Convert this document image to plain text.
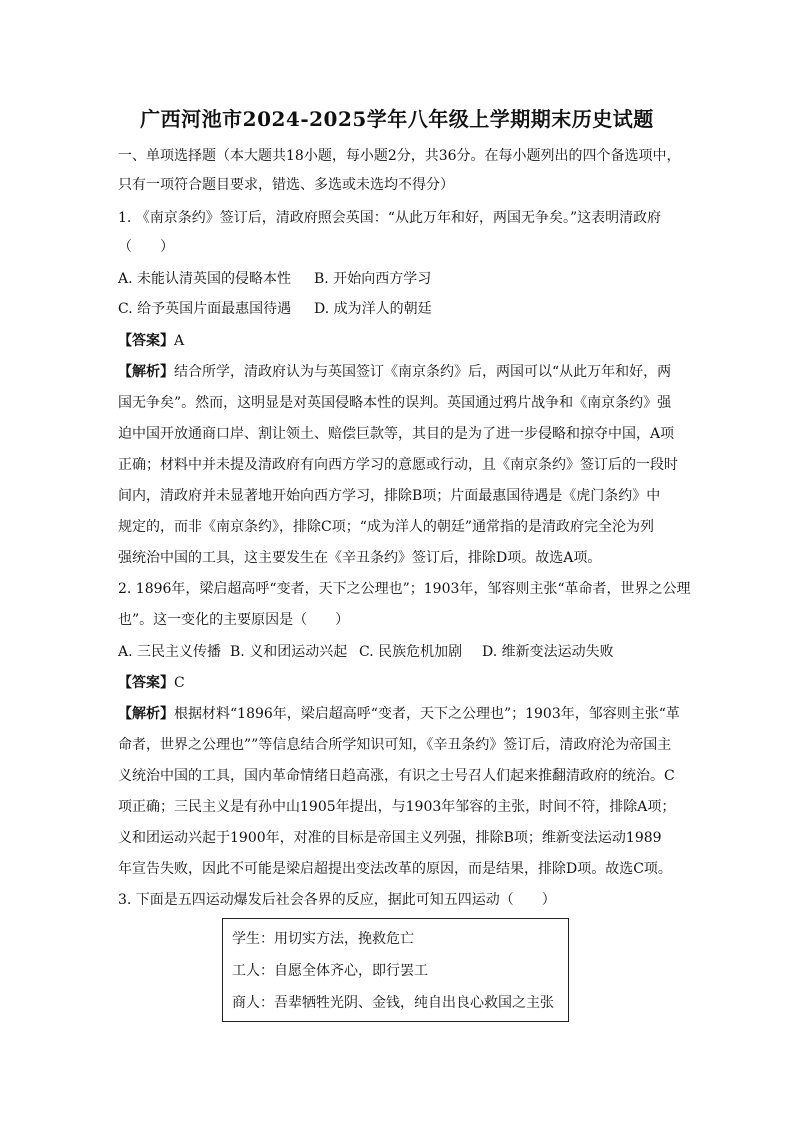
广西河池市2024-2025学年八年级上学期期末历史试题
一、单项选择题（本大题共18小题，每小题2分，共36分。在每小题列出的四个备选项中，
只有一项符合题目要求，错选、多选或未选均不得分）
1. 《南京条约》签订后，清政府照会英国：“从此万年和好，两国无争矣。”这表明清政府
（　　）
A. 未能认清英国的侵略本性 B. 开始向西方学习
C. 给予英国片面最惠国待遇 D. 成为洋人的朝廷
【答案】A
【解析】结合所学，清政府认为与英国签订《南京条约》后，两国可以“从此万年和好，两
国无争矣”。然而，这明显是对英国侵略本性的误判。英国通过鸦片战争和《南京条约》强
迫中国开放通商口岸、割让领土、赔偿巨款等，其目的是为了进一步侵略和掠夺中国，A项
正确；材料中并未提及清政府有向西方学习的意愿或行动，且《南京条约》签订后的一段时
间内，清政府并未显著地开始向西方学习，排除B项；片面最惠国待遇是《虎门条约》中
规定的，而非《南京条约》，排除C项；“成为洋人的朝廷”通常指的是清政府完全沦为列
强统治中国的工具，这主要发生在《辛丑条约》签订后，排除D项。故选A项。
2. 1896年，梁启超高呼“变者，天下之公理也”；1903年，邹容则主张“革命者，世界之公理
也”。这一变化的主要原因是（　　）
A. 三民主义传播 B. 义和团运动兴起 C. 民族危机加剧 D. 维新变法运动失败
【答案】C
【解析】根据材料“1896年，梁启超高呼“变者，天下之公理也”；1903年，邹容则主张“革
命者，世界之公理也””等信息结合所学知识可知，《辛丑条约》签订后，清政府沦为帝国主
义统治中国的工具，国内革命情绪日趋高涨，有识之士号召人们起来推翻清政府的统治。C
项正确；三民主义是有孙中山1905年提出，与1903年邹容的主张，时间不符，排除A项；
义和团运动兴起于1900年，对准的目标是帝国主义列强，排除B项；维新变法运动1989
年宣告失败，因此不可能是梁启超提出变法改革的原因，而是结果，排除D项。故选C项。
3. 下面是五四运动爆发后社会各界的反应，据此可知五四运动（　　）
学生：用切实方法，挽救危亡
工人：自愿全体齐心，即行罢工
商人：吾辈牺牲光阴、金钱，纯自出良心救国之主张
